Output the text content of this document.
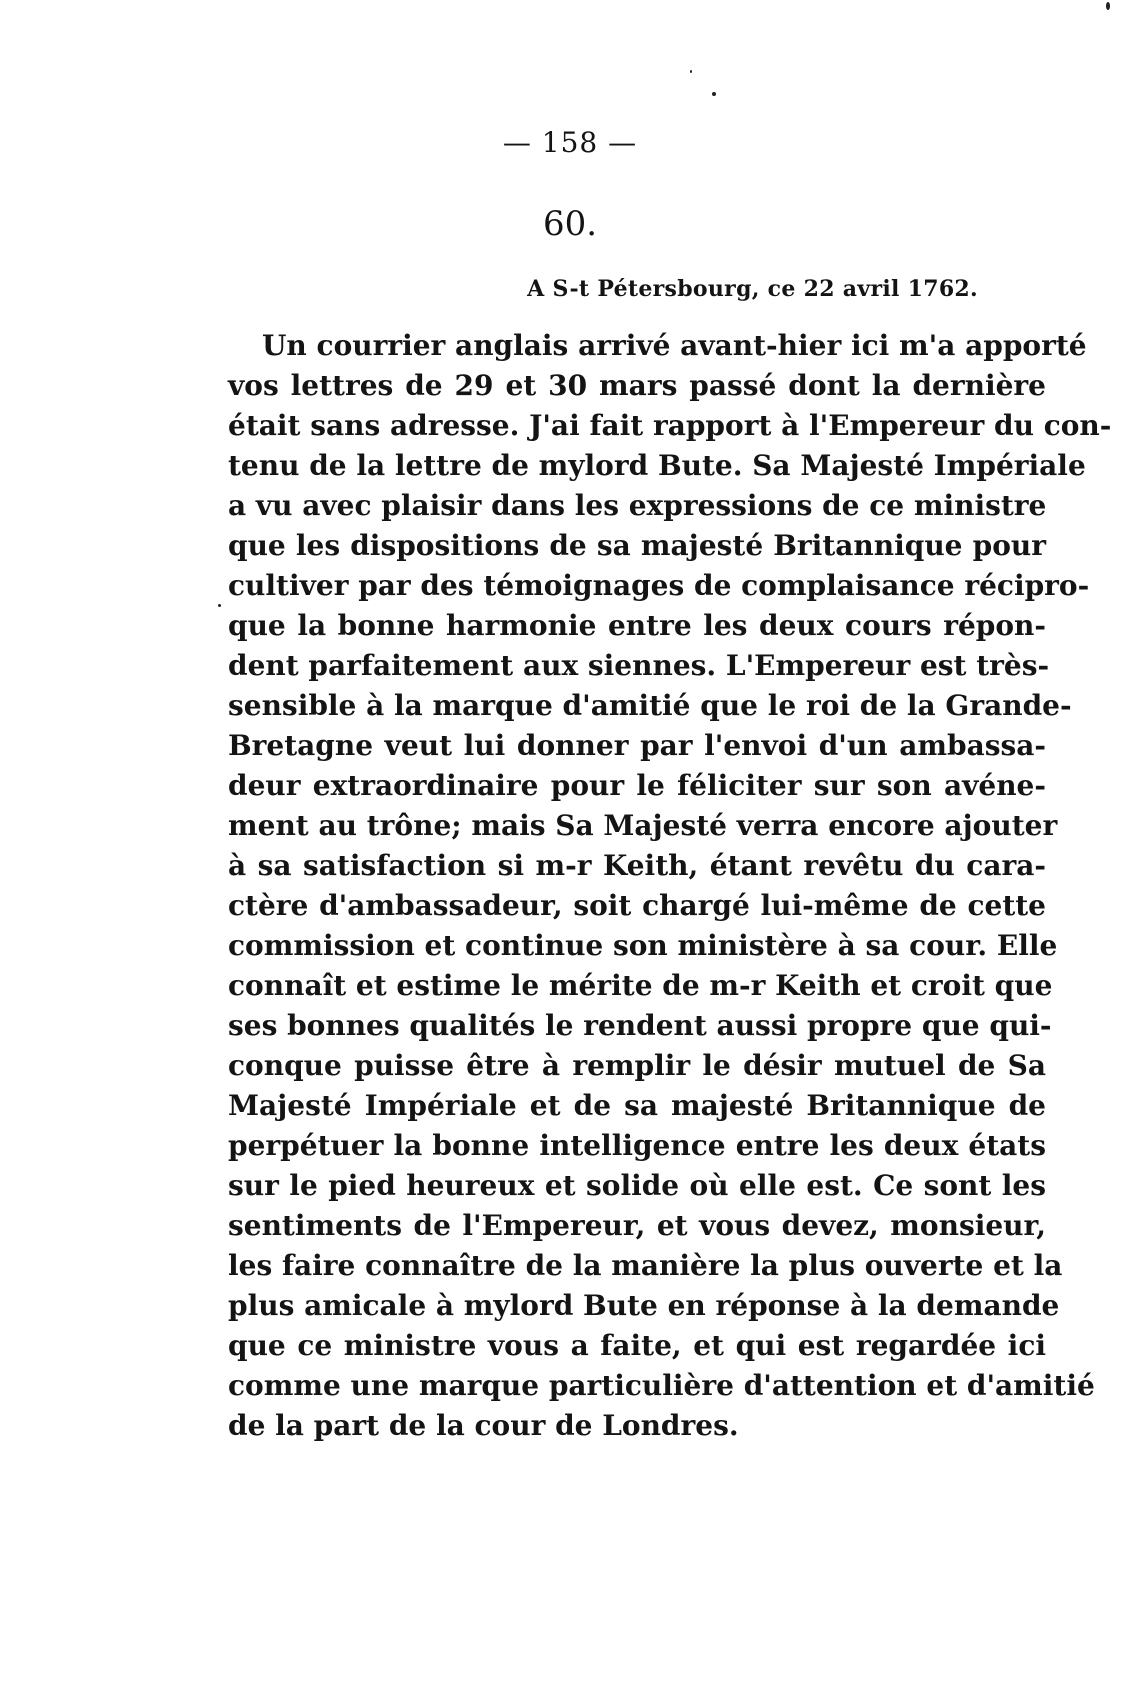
— 158 —
60.
A S-t Pétersbourg, ce 22 avril 1762.
Un courrier anglais arrivé avant-hier ici m'a apporté
vos lettres de 29 et 30 mars passé dont la dernière
était sans adresse. J'ai fait rapport à l'Empereur du con-
tenu de la lettre de mylord Bute. Sa Majesté Impériale
a vu avec plaisir dans les expressions de ce ministre
que les dispositions de sa majesté Britannique pour
cultiver par des témoignages de complaisance récipro-
que la bonne harmonie entre les deux cours répon-
dent parfaitement aux siennes. L'Empereur est très-
sensible à la marque d'amitié que le roi de la Grande-
Bretagne veut lui donner par l'envoi d'un ambassa-
deur extraordinaire pour le féliciter sur son avéne-
ment au trône; mais Sa Majesté verra encore ajouter
à sa satisfaction si m-r Keith, étant revêtu du cara-
ctère d'ambassadeur, soit chargé lui-même de cette
commission et continue son ministère à sa cour. Elle
connaît et estime le mérite de m-r Keith et croit que
ses bonnes qualités le rendent aussi propre que qui-
conque puisse être à remplir le désir mutuel de Sa
Majesté Impériale et de sa majesté Britannique de
perpétuer la bonne intelligence entre les deux états
sur le pied heureux et solide où elle est. Ce sont les
sentiments de l'Empereur, et vous devez, monsieur,
les faire connaître de la manière la plus ouverte et la
plus amicale à mylord Bute en réponse à la demande
que ce ministre vous a faite, et qui est regardée ici
comme une marque particulière d'attention et d'amitié
de la part de la cour de Londres.
